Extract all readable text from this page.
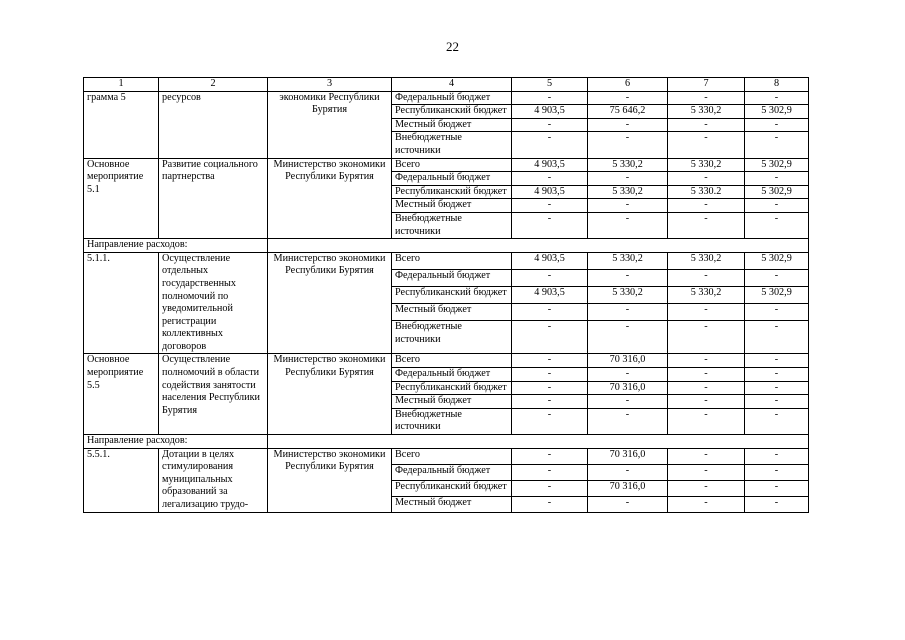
22
1	2	3	4	5	6	7	8
грамма 5	ресурсов	экономики Республики Бурятия	Федеральный бюджет	-	-	-	-
			Республиканский бюджет	4 903,5	75 646,2	5 330,2	5 302,9
			Местный бюджет	-	-	-	-
			Внебюджетные источники	-	-	-	-
Основное мероприятие 5.1	Развитие социального партнерства	Министерство экономики Республики Бурятия	Всего	4 903,5	5 330,2	5 330,2	5 302,9
			Федеральный бюджет	-	-	-	-
			Республиканский бюджет	4 903,5	5 330,2	5 330.2	5 302,9
			Местный бюджет	-	-	-	-
			Внебюджетные источники	-	-	-	-
Направление расходов:							
5.1.1.	Осуществление отдельных государственных полномочий по уведомительной регистрации коллективных договоров	Министерство экономики Республики Бурятия	Всего	4 903,5	5 330,2	5 330,2	5 302,9
			Федеральный бюджет	-	-	-	-
			Республиканский бюджет	4 903,5	5 330,2	5 330,2	5 302,9
			Местный бюджет	-	-	-	-
			Внебюджетные источники	-	-	-	-
Основное мероприятие 5.5	Осуществление полномочий в области содействия занятости населения Республики Бурятия	Министерство экономики Республики Бурятия	Всего	-	70 316,0	-	-
			Федеральный бюджет	-	-	-	-
			Республиканский бюджет	-	70 316,0	-	-
			Местный бюджет	-	-	-	-
			Внебюджетные источники	-	-	-	-
Направление расходов:							
5.5.1.	Дотации в целях стимулирования муниципальных образований за легализацию трудо-	Министерство экономики Республики Бурятия	Всего	-	70 316,0	-	-
			Федеральный бюджет	-	-	-	-
			Республиканский бюджет	-	70 316,0	-	-
			Местный бюджет	-	-	-	-
